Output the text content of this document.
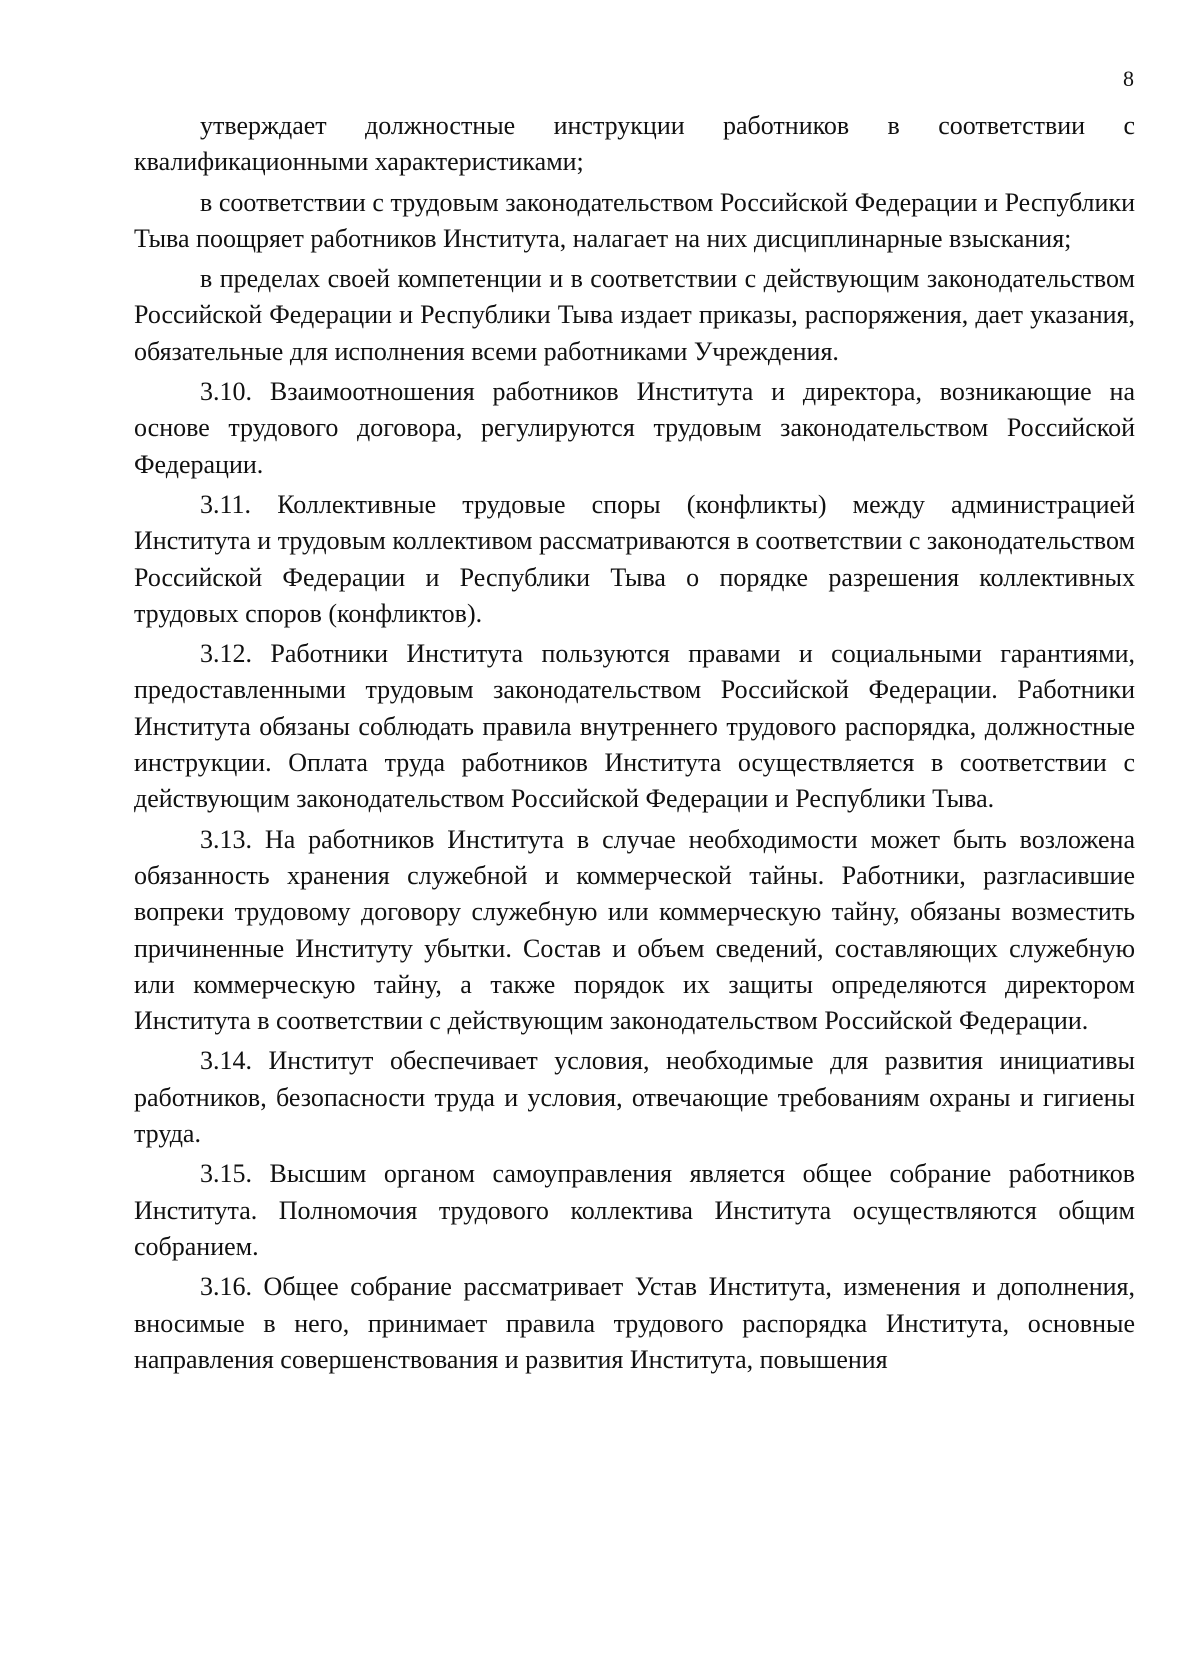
8

утверждает должностные инструкции работников в соответствии с квалификационными характеристиками;

в соответствии с трудовым законодательством Российской Федерации и Республики Тыва поощряет работников Института, налагает на них дисциплинарные взыскания;

в пределах своей компетенции и в соответствии с действующим законодательством Российской Федерации и Республики Тыва издает приказы, распоряжения, дает указания, обязательные для исполнения всеми работниками Учреждения.

3.10. Взаимоотношения работников Института и директора, возникающие на основе трудового договора, регулируются трудовым законодательством Российской Федерации.

3.11. Коллективные трудовые споры (конфликты) между администрацией Института и трудовым коллективом рассматриваются в соответствии с законодательством Российской Федерации и Республики Тыва о порядке разрешения коллективных трудовых споров (конфликтов).

3.12. Работники Института пользуются правами и социальными гарантиями, предоставленными трудовым законодательством Российской Федерации. Работники Института обязаны соблюдать правила внутреннего трудового распорядка, должностные инструкции. Оплата труда работников Института осуществляется в соответствии с действующим законодательством Российской Федерации и Республики Тыва.

3.13. На работников Института в случае необходимости может быть возложена обязанность хранения служебной и коммерческой тайны. Работники, разгласившие вопреки трудовому договору служебную или коммерческую тайну, обязаны возместить причиненные Институту убытки. Состав и объем сведений, составляющих служебную или коммерческую тайну, а также порядок их защиты определяются директором Института в соответствии с действующим законодательством Российской Федерации.

3.14. Институт обеспечивает условия, необходимые для развития инициативы работников, безопасности труда и условия, отвечающие требованиям охраны и гигиены труда.

3.15. Высшим органом самоуправления является общее собрание работников Института. Полномочия трудового коллектива Института осуществляются общим собранием.

3.16. Общее собрание рассматривает Устав Института, изменения и дополнения, вносимые в него, принимает правила трудового распорядка Института, основные направления совершенствования и развития Института, повышения
